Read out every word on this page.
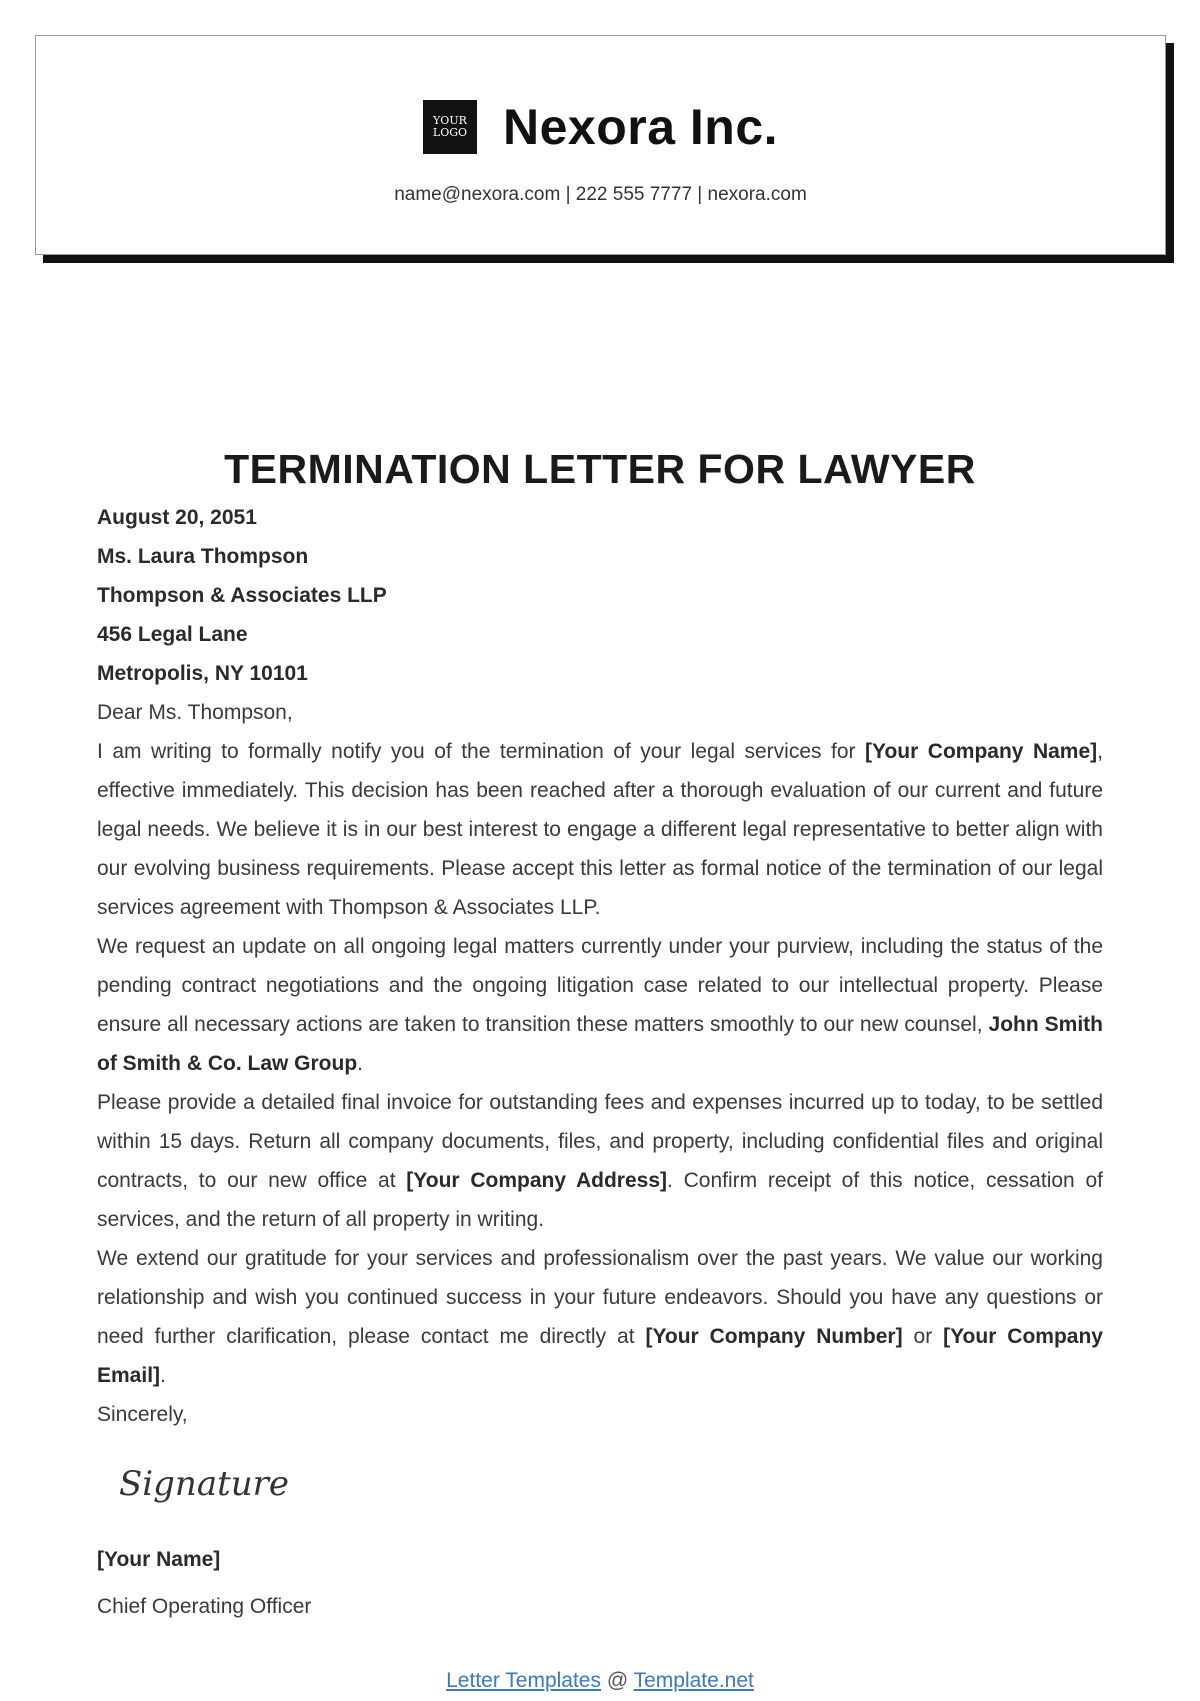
YOUR
LOGO Nexora Inc.
name@nexora.com | 222 555 7777 | nexora.com
TERMINATION LETTER FOR LAWYER

August 20, 2051

Ms. Laura Thompson

Thompson & Associates LLP

456 Legal Lane

Metropolis, NY 10101

Dear Ms. Thompson,

I am writing to formally notify you of the termination of your legal services for [Your Company Name], effective immediately. This decision has been reached after a thorough evaluation of our current and future legal needs. We believe it is in our best interest to engage a different legal representative to better align with our evolving business requirements. Please accept this letter as formal notice of the termination of our legal services agreement with Thompson & Associates LLP.

We request an update on all ongoing legal matters currently under your purview, including the status of the pending contract negotiations and the ongoing litigation case related to our intellectual property. Please ensure all necessary actions are taken to transition these matters smoothly to our new counsel, John Smith of Smith & Co. Law Group.

Please provide a detailed final invoice for outstanding fees and expenses incurred up to today, to be settled within 15 days. Return all company documents, files, and property, including confidential files and original contracts, to our new office at [Your Company Address]. Confirm receipt of this notice, cessation of services, and the return of all property in writing.

We extend our gratitude for your services and professionalism over the past years. We value our working relationship and wish you continued success in your future endeavors. Should you have any questions or need further clarification, please contact me directly at [Your Company Number] or [Your Company Email].

Sincerely,

Signature

[Your Name]

Chief Operating Officer

Letter Templates @ Template.net
